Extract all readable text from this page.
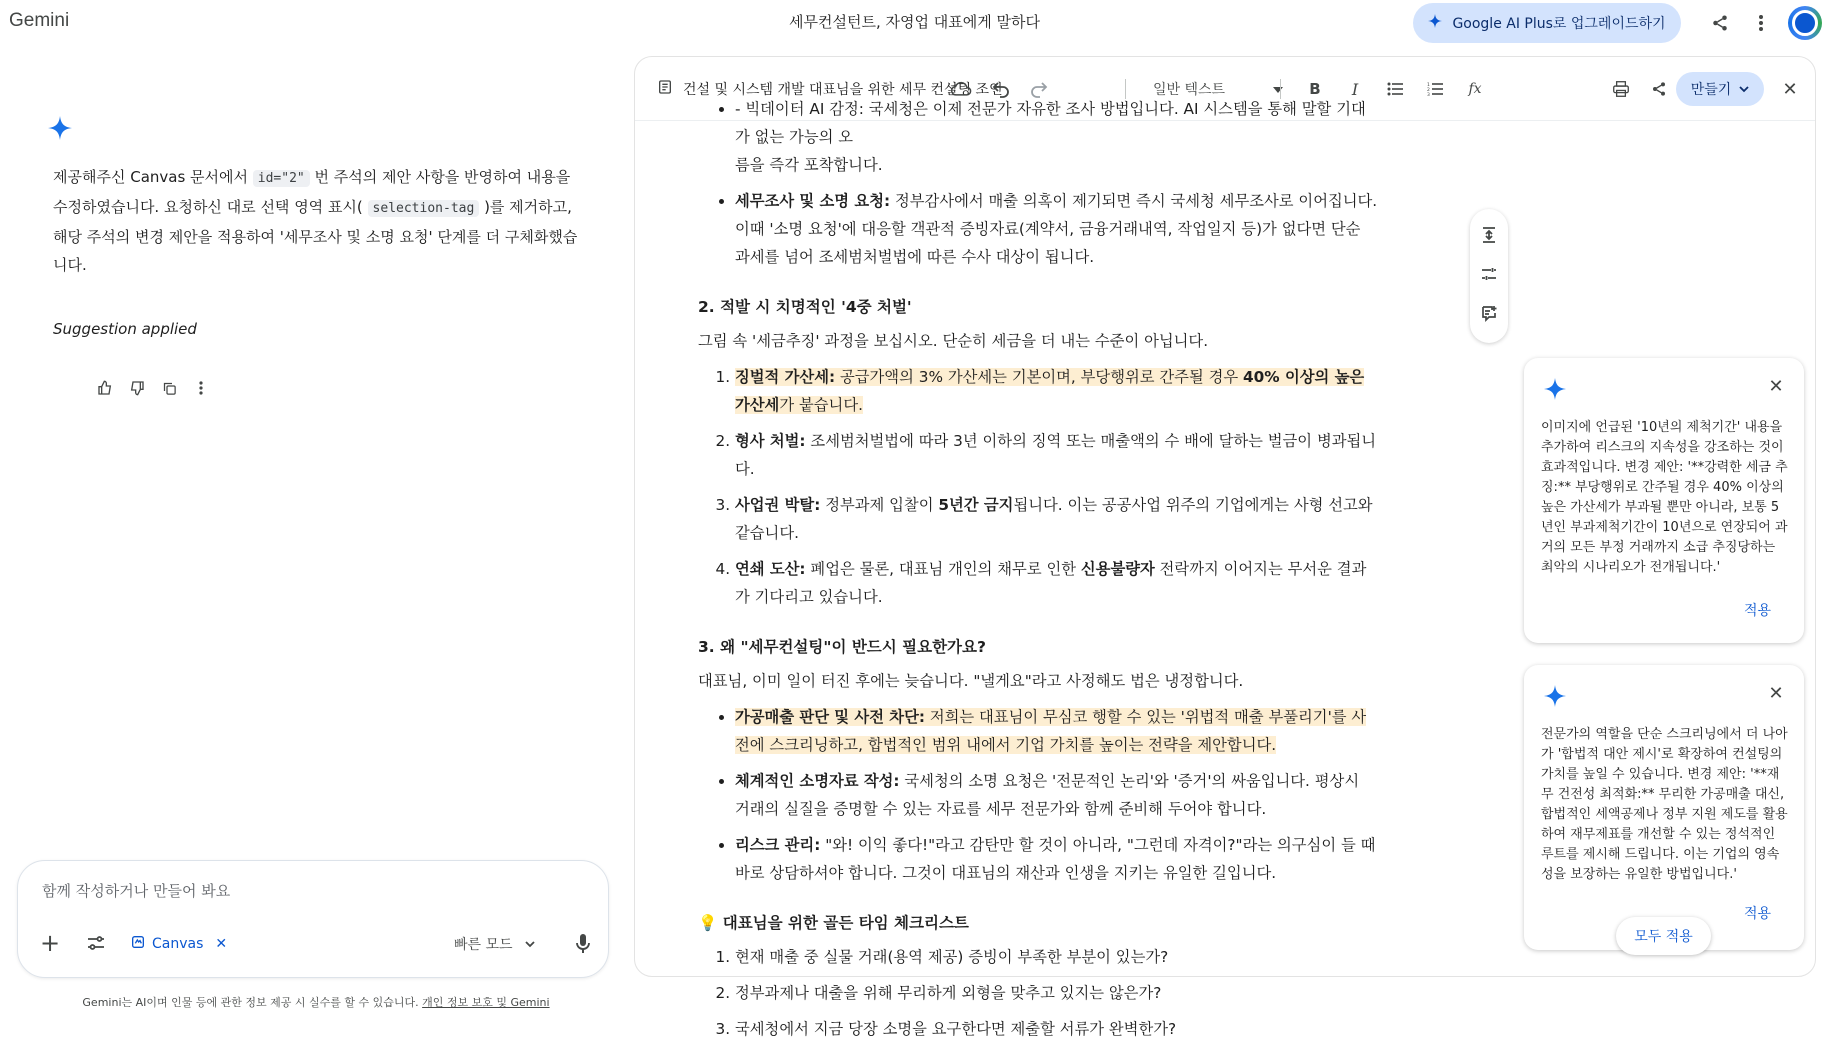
Gemini	세무컨설턴트, 자영업 대표에게 말하다	Google AI Plus로 업그레이드하기
제공해주신 Canvas 문서에서 id="2" 번 주석의 제안 사항을 반영하여 내용을 수정하였습니다. 요청하신 대로 선택 영역 표시( selection-tag )를 제거하고, 해당 주석의 변경 제안을 적용하여 '세무조사 및 소명 요청' 단계를 더 구체화했습니다.
Suggestion applied
함께 작성하거나 만들어 봐요
+	Canvas ✕	빠른 모드
Gemini는 AI이며 인물 등에 관한 정보 제공 시 실수를 할 수 있습니다. 개인 정보 보호 및 Gemini
건설 및 시스템 개발 대표님을 위한 세무 컨설팅 조언	일반 텍스트	B	I	1
2
3	fx	만들기	✕
• - 빅데이터 AI 감정: 국세청은 이제 전문가 자유한 조사 방법입니다. AI 시스템을 통해 말할 기대가 없는 가능의 오
름을 즉각 포착합니다.
• 세무조사 및 소명 요청: 정부감사에서 매출 의혹이 제기되면 즉시 국세청 세무조사로 이어집니다. 이때 '소명 요청'에 대응할 객관적 증빙자료(계약서, 금융거래내역, 작업일지 등)가 없다면 단순 과세를 넘어 조세범처벌법에 따른 수사 대상이 됩니다.
2. 적발 시 치명적인 '4중 처벌'
그림 속 '세금추징' 과정을 보십시오. 단순히 세금을 더 내는 수준이 아닙니다.
1. 징벌적 가산세: 공급가액의 3% 가산세는 기본이며, 부당행위로 간주될 경우 40% 이상의 높은 가산세가 붙습니다.
2. 형사 처벌: 조세범처벌법에 따라 3년 이하의 징역 또는 매출액의 수 배에 달하는 벌금이 병과됩니다.
3. 사업권 박탈: 정부과제 입찰이 5년간 금지됩니다. 이는 공공사업 위주의 기업에게는 사형 선고와 같습니다.
4. 연쇄 도산: 폐업은 물론, 대표님 개인의 채무로 인한 신용불량자 전락까지 이어지는 무서운 결과가 기다리고 있습니다.
3. 왜 "세무컨설팅"이 반드시 필요한가요?
대표님, 이미 일이 터진 후에는 늦습니다. "낼게요"라고 사정해도 법은 냉정합니다.
• 가공매출 판단 및 사전 차단: 저희는 대표님이 무심코 행할 수 있는 '위법적 매출 부풀리기'를 사전에 스크리닝하고, 합법적인 범위 내에서 기업 가치를 높이는 전략을 제안합니다.
• 체계적인 소명자료 작성: 국세청의 소명 요청은 '전문적인 논리'와 '증거'의 싸움입니다. 평상시 거래의 실질을 증명할 수 있는 자료를 세무 전문가와 함께 준비해 두어야 합니다.
• 리스크 관리: "와! 이익 좋다!"라고 감탄만 할 것이 아니라, "그런데 자격이?"라는 의구심이 들 때 바로 상담하셔야 합니다. 그것이 대표님의 재산과 인생을 지키는 유일한 길입니다.
💡 대표님을 위한 골든 타임 체크리스트
1. 현재 매출 중 실물 거래(용역 제공) 증빙이 부족한 부분이 있는가?
2. 정부과제나 대출을 위해 무리하게 외형을 맞추고 있지는 않은가?
3. 국세청에서 지금 당장 소명을 요구한다면 제출할 서류가 완벽한가?
✕
이미지에 언급된 '10년의 제척기간' 내용을 추가하여 리스크의 지속성을 강조하는 것이 효과적입니다. 변경 제안: '**강력한 세금 추징:** 부당행위로 간주될 경우 40% 이상의 높은 가산세가 부과될 뿐만 아니라, 보통 5년인 부과제척기간이 10년으로 연장되어 과거의 모든 부정 거래까지 소급 추징당하는 최악의 시나리오가 전개됩니다.'
적용
✕
전문가의 역할을 단순 스크리닝에서 더 나아가 '합법적 대안 제시'로 확장하여 컨설팅의 가치를 높일 수 있습니다. 변경 제안: '**재무 건전성 최적화:** 무리한 가공매출 대신, 합법적인 세액공제나 정부 지원 제도를 활용하여 재무제표를 개선할 수 있는 정석적인 루트를 제시해 드립니다. 이는 기업의 영속성을 보장하는 유일한 방법입니다.'
적용
모두 적용
